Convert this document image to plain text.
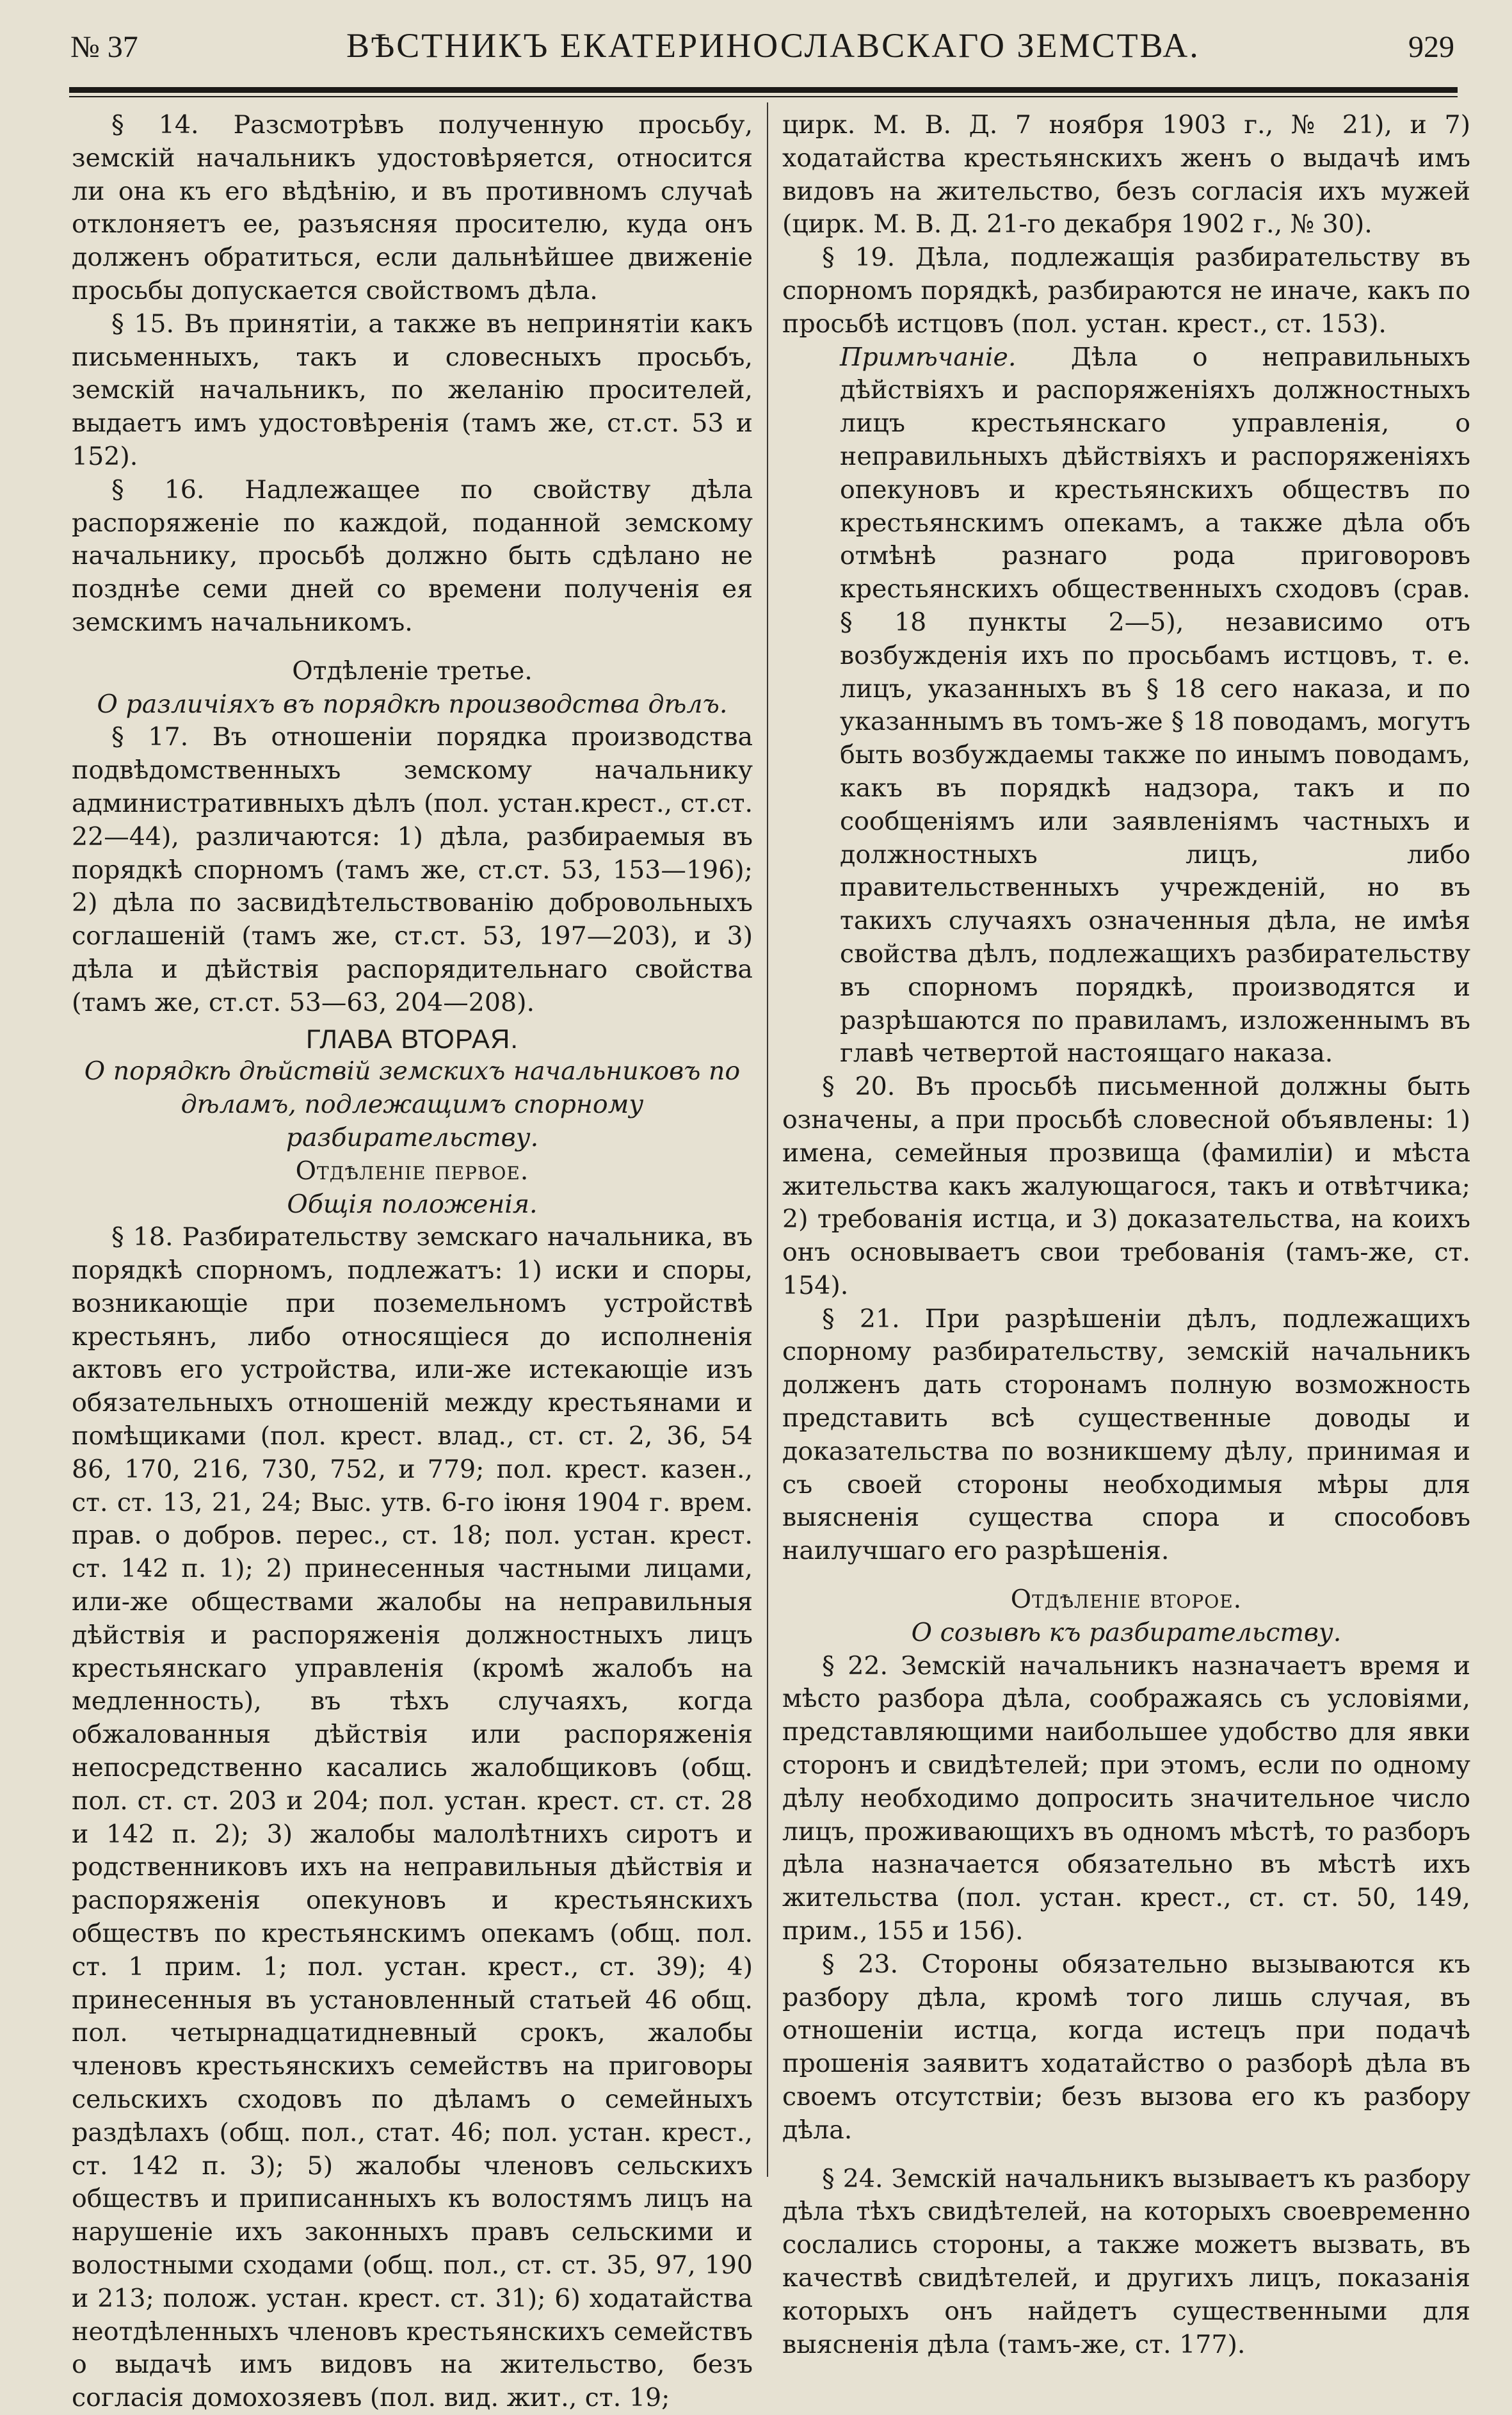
№ 37	ВѢСТНИКЪ ЕКАТЕРИНОСЛАВСКАГО ЗЕМСТВА.	929

§ 14. Разсмотрѣвъ полученную просьбу, земскій начальникъ удостовѣряется, относится ли она къ его вѣдѣнію, и въ противномъ случаѣ отклоняетъ ее, разъясняя просителю, куда онъ долженъ обратиться, если дальнѣйшее движеніе просьбы допускается свойствомъ дѣла.

§ 15. Въ принятіи, а также въ непринятіи какъ письменныхъ, такъ и словесныхъ просьбъ, земскій начальникъ, по желанію просителей, выдаетъ имъ удостовѣренія (тамъ же, ст.ст. 53 и 152).

§ 16. Надлежащее по свойству дѣла распоряженіе по каждой, поданной земскому начальнику, просьбѣ должно быть сдѣлано не позднѣе семи дней со времени полученія ея земскимъ начальникомъ.

Отдѣленіе третье.

О различіяхъ въ порядкѣ производства дѣлъ.

§ 17. Въ отношеніи порядка производства подвѣдомственныхъ земскому начальнику административныхъ дѣлъ (пол. устан.крест., ст.ст. 22—44), различаются: 1) дѣла, разбираемыя въ порядкѣ спорномъ (тамъ же, ст.ст. 53, 153—196); 2) дѣла по засвидѣтельствованію добровольныхъ соглашеній (тамъ же, ст.ст. 53, 197—203), и 3) дѣла и дѣйствія распорядительнаго свойства (тамъ же, ст.ст. 53—63, 204—208).

ГЛАВА ВТОРАЯ.

О порядкѣ дѣйствій земскихъ начальниковъ по дѣламъ, подлежащимъ спорному разбирательству.

Отдѣленіе первое.

Общія положенія.

§ 18. Разбирательству земскаго начальника, въ порядкѣ спорномъ, подлежатъ: 1) иски и споры, возникающіе при поземельномъ устройствѣ крестьянъ, либо относящіеся до исполненія актовъ его устройства, или-же истекающіе изъ обязательныхъ отношеній между крестьянами и помѣщиками (пол. крест. влад., ст. ст. 2, 36, 54 86, 170, 216, 730, 752, и 779; пол. крест. казен., ст. ст. 13, 21, 24; Выс. утв. 6-го іюня 1904 г. врем. прав. о добров. перес., ст. 18; пол. устан. крест. ст. 142 п. 1); 2) принесенныя частными лицами, или-же обществами жалобы на неправильныя дѣйствія и распоряженія должностныхъ лицъ крестьянскаго управленія (кромѣ жалобъ на медленность), въ тѣхъ случаяхъ, когда обжалованныя дѣйствія или распоряженія непосредственно касались жалобщиковъ (общ. пол. ст. ст. 203 и 204; пол. устан. крест. ст. ст. 28 и 142 п. 2); 3) жалобы малолѣтнихъ сиротъ и родственниковъ ихъ на неправильныя дѣйствія и распоряженія опекуновъ и крестьянскихъ обществъ по крестьянскимъ опекамъ (общ. пол. ст. 1 прим. 1; пол. устан. крест., ст. 39); 4) принесенныя въ установленный статьей 46 общ. пол. четырнадцатидневный срокъ, жалобы членовъ крестьянскихъ семействъ на приговоры сельскихъ сходовъ по дѣламъ о семейныхъ раздѣлахъ (общ. пол., стат. 46; пол. устан. крест., ст. 142 п. 3); 5) жалобы членовъ сельскихъ обществъ и приписанныхъ къ волостямъ лицъ на нарушеніе ихъ законныхъ правъ сельскими и волостными сходами (общ. пол., ст. ст. 35, 97, 190 и 213; полож. устан. крест. ст. 31); 6) ходатайства неотдѣленныхъ членовъ крестьянскихъ семействъ о выдачѣ имъ видовъ на жительство, безъ согласія домохозяевъ (пол. вид. жит., ст. 19;

цирк. М. В. Д. 7 ноября 1903 г., № 21), и 7) ходатайства крестьянскихъ женъ о выдачѣ имъ видовъ на жительство, безъ согласія ихъ мужей (цирк. М. В. Д. 21-го декабря 1902 г., № 30).

§ 19. Дѣла, подлежащія разбирательству въ спорномъ порядкѣ, разбираются не иначе, какъ по просьбѣ истцовъ (пол. устан. крест., ст. 153).

Примѣчаніе. Дѣла о неправильныхъ дѣйствіяхъ и распоряженіяхъ должностныхъ лицъ крестьянскаго управленія, о неправильныхъ дѣйствіяхъ и распоряженіяхъ опекуновъ и крестьянскихъ обществъ по крестьянскимъ опекамъ, а также дѣла объ отмѣнѣ разнаго рода приговоровъ крестьянскихъ общественныхъ сходовъ (срав. § 18 пункты 2—5), независимо отъ возбужденія ихъ по просьбамъ истцовъ, т. е. лицъ, указанныхъ въ § 18 сего наказа, и по указаннымъ въ томъ-же § 18 поводамъ, могутъ быть возбуждаемы также по инымъ поводамъ, какъ въ порядкѣ надзора, такъ и по сообщеніямъ или заявленіямъ частныхъ и должностныхъ лицъ, либо правительственныхъ учрежденій, но въ такихъ случаяхъ означенныя дѣла, не имѣя свойства дѣлъ, подлежащихъ разбирательству въ спорномъ порядкѣ, производятся и разрѣшаются по правиламъ, изложеннымъ въ главѣ четвертой настоящаго наказа.

§ 20. Въ просьбѣ письменной должны быть означены, а при просьбѣ словесной объявлены: 1) имена, семейныя прозвища (фамиліи) и мѣста жительства какъ жалующагося, такъ и отвѣтчика; 2) требованія истца, и 3) доказательства, на коихъ онъ основываетъ свои требованія (тамъ-же, ст. 154).

§ 21. При разрѣшеніи дѣлъ, подлежащихъ спорному разбирательству, земскій начальникъ долженъ дать сторонамъ полную возможность представить всѣ существенные доводы и доказательства по возникшему дѣлу, принимая и съ своей стороны необходимыя мѣры для выясненія существа спора и способовъ наилучшаго его разрѣшенія.

Отдѣленіе второе.

О созывѣ къ разбирательству.

§ 22. Земскій начальникъ назначаетъ время и мѣсто разбора дѣла, соображаясь съ условіями, представляющими наибольшее удобство для явки сторонъ и свидѣтелей; при этомъ, если по одному дѣлу необходимо допросить значительное число лицъ, проживающихъ въ одномъ мѣстѣ, то разборъ дѣла назначается обязательно въ мѣстѣ ихъ жительства (пол. устан. крест., ст. ст. 50, 149, прим., 155 и 156).

§ 23. Стороны обязательно вызываются къ разбору дѣла, кромѣ того лишь случая, въ отношеніи истца, когда истецъ при подачѣ прошенія заявитъ ходатайство о разборѣ дѣла въ своемъ отсутствіи; безъ вызова его къ разбору дѣла.

§ 24. Земскій начальникъ вызываетъ къ разбору дѣла тѣхъ свидѣтелей, на которыхъ своевременно сослались стороны, а также можетъ вызвать, въ качествѣ свидѣтелей, и другихъ лицъ, показанія которыхъ онъ найдетъ существенными для выясненія дѣла (тамъ-же, ст. 177).
